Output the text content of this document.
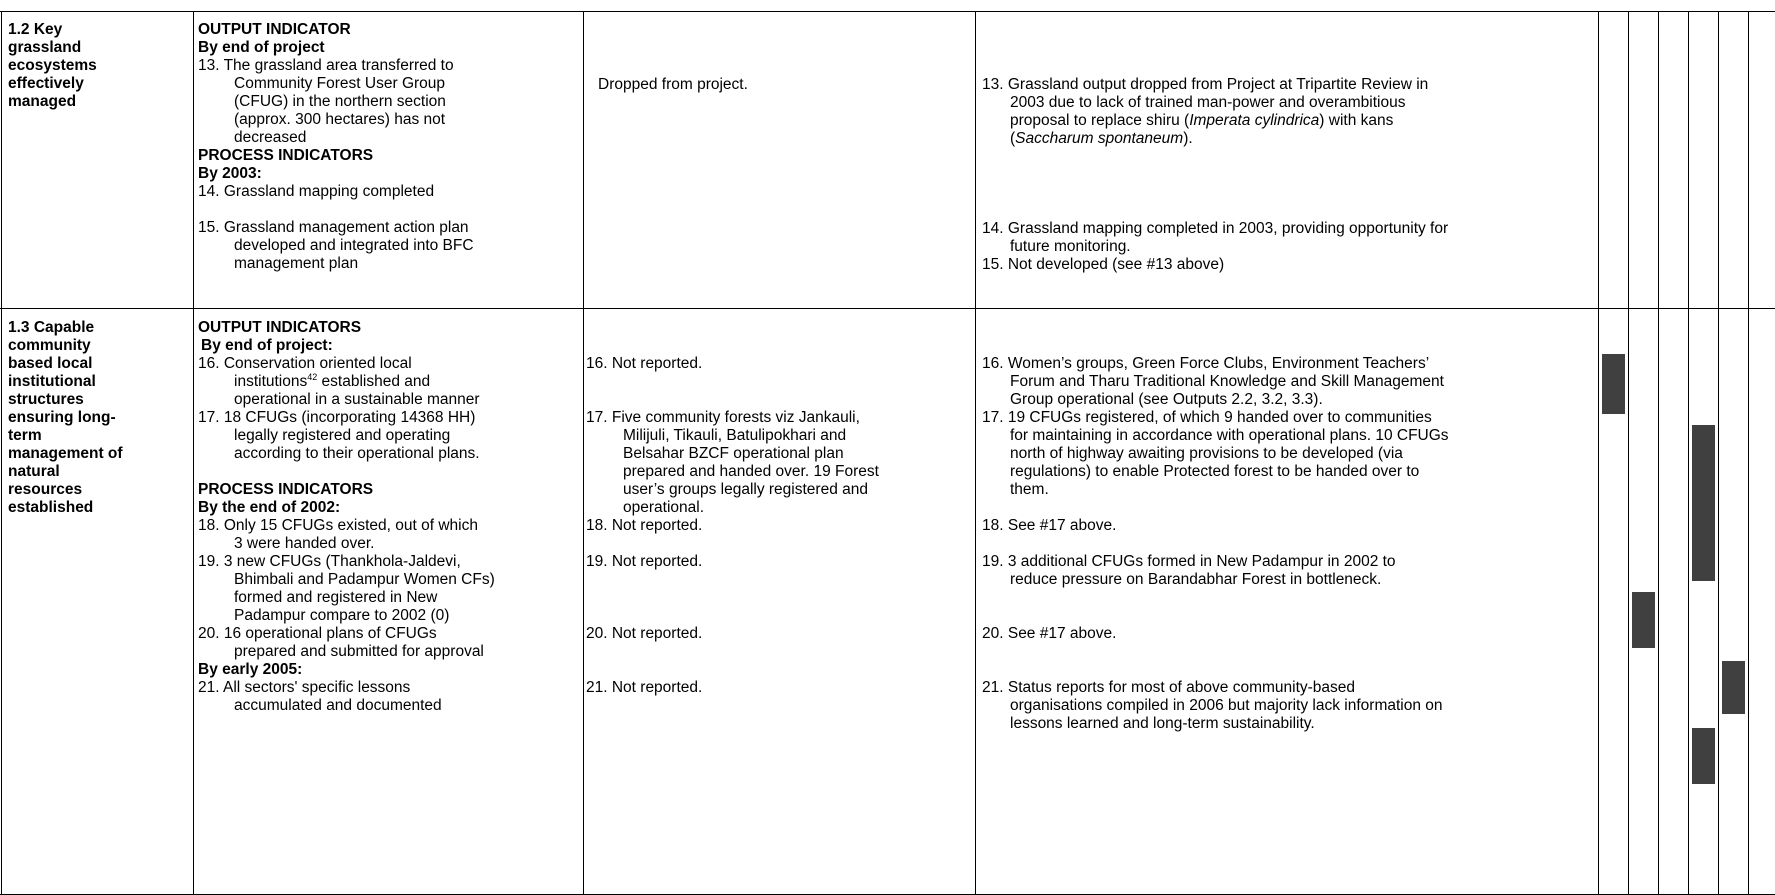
1.2 Key
grassland
ecosystems
effectively
managed
OUTPUT INDICATOR
By end of project
13. The grassland area transferred to
Community Forest User Group
(CFUG) in the northern section
(approx. 300 hectares) has not
decreased
PROCESS INDICATORS
By 2003:
14. Grassland mapping completed
15. Grassland management action plan
developed and integrated into BFC
management plan
Dropped from project.	13. Grassland output dropped from Project at Tripartite Review in
2003 due to lack of trained man-power and overambitious
proposal to replace shiru (Imperata cylindrica) with kans
(Saccharum spontaneum).
14. Grassland mapping completed in 2003, providing opportunity for
future monitoring.
15. Not developed (see #13 above)
1.3 Capable
community
based local
institutional
structures
ensuring long-
term
management of
natural
resources
established
OUTPUT INDICATORS
By end of project:
16. Conservation oriented local
institutions$^{42}$ established and
operational in a sustainable manner
17. 18 CFUGs (incorporating 14368 HH)
legally registered and operating
according to their operational plans.
PROCESS INDICATORS
By the end of 2002:
18. Only 15 CFUGs existed, out of which
3 were handed over.
19. 3 new CFUGs (Thankhola-Jaldevi,
Bhimbali and Padampur Women CFs)
formed and registered in New
Padampur compare to 2002 (0)
20. 16 operational plans of CFUGs
prepared and submitted for approval
By early 2005:
21. All sectors' specific lessons
accumulated and documented
16. Not reported.
17. Five community forests viz Jankauli,
Milijuli, Tikauli, Batulipokhari and
Belsahar BZCF operational plan
prepared and handed over. 19 Forest
user’s groups legally registered and
operational.
18. Not reported.
19. Not reported.
20. Not reported.
21. Not reported.
16. Women’s groups, Green Force Clubs, Environment Teachers’
Forum and Tharu Traditional Knowledge and Skill Management
Group operational (see Outputs 2.2, 3.2, 3.3).
17. 19 CFUGs registered, of which 9 handed over to communities
for maintaining in accordance with operational plans. 10 CFUGs
north of highway awaiting provisions to be developed (via
regulations) to enable Protected forest to be handed over to
them.
18. See #17 above.
19. 3 additional CFUGs formed in New Padampur in 2002 to
reduce pressure on Barandabhar Forest in bottleneck.
20. See #17 above.
21. Status reports for most of above community-based
organisations compiled in 2006 but majority lack information on
lessons learned and long-term sustainability.
